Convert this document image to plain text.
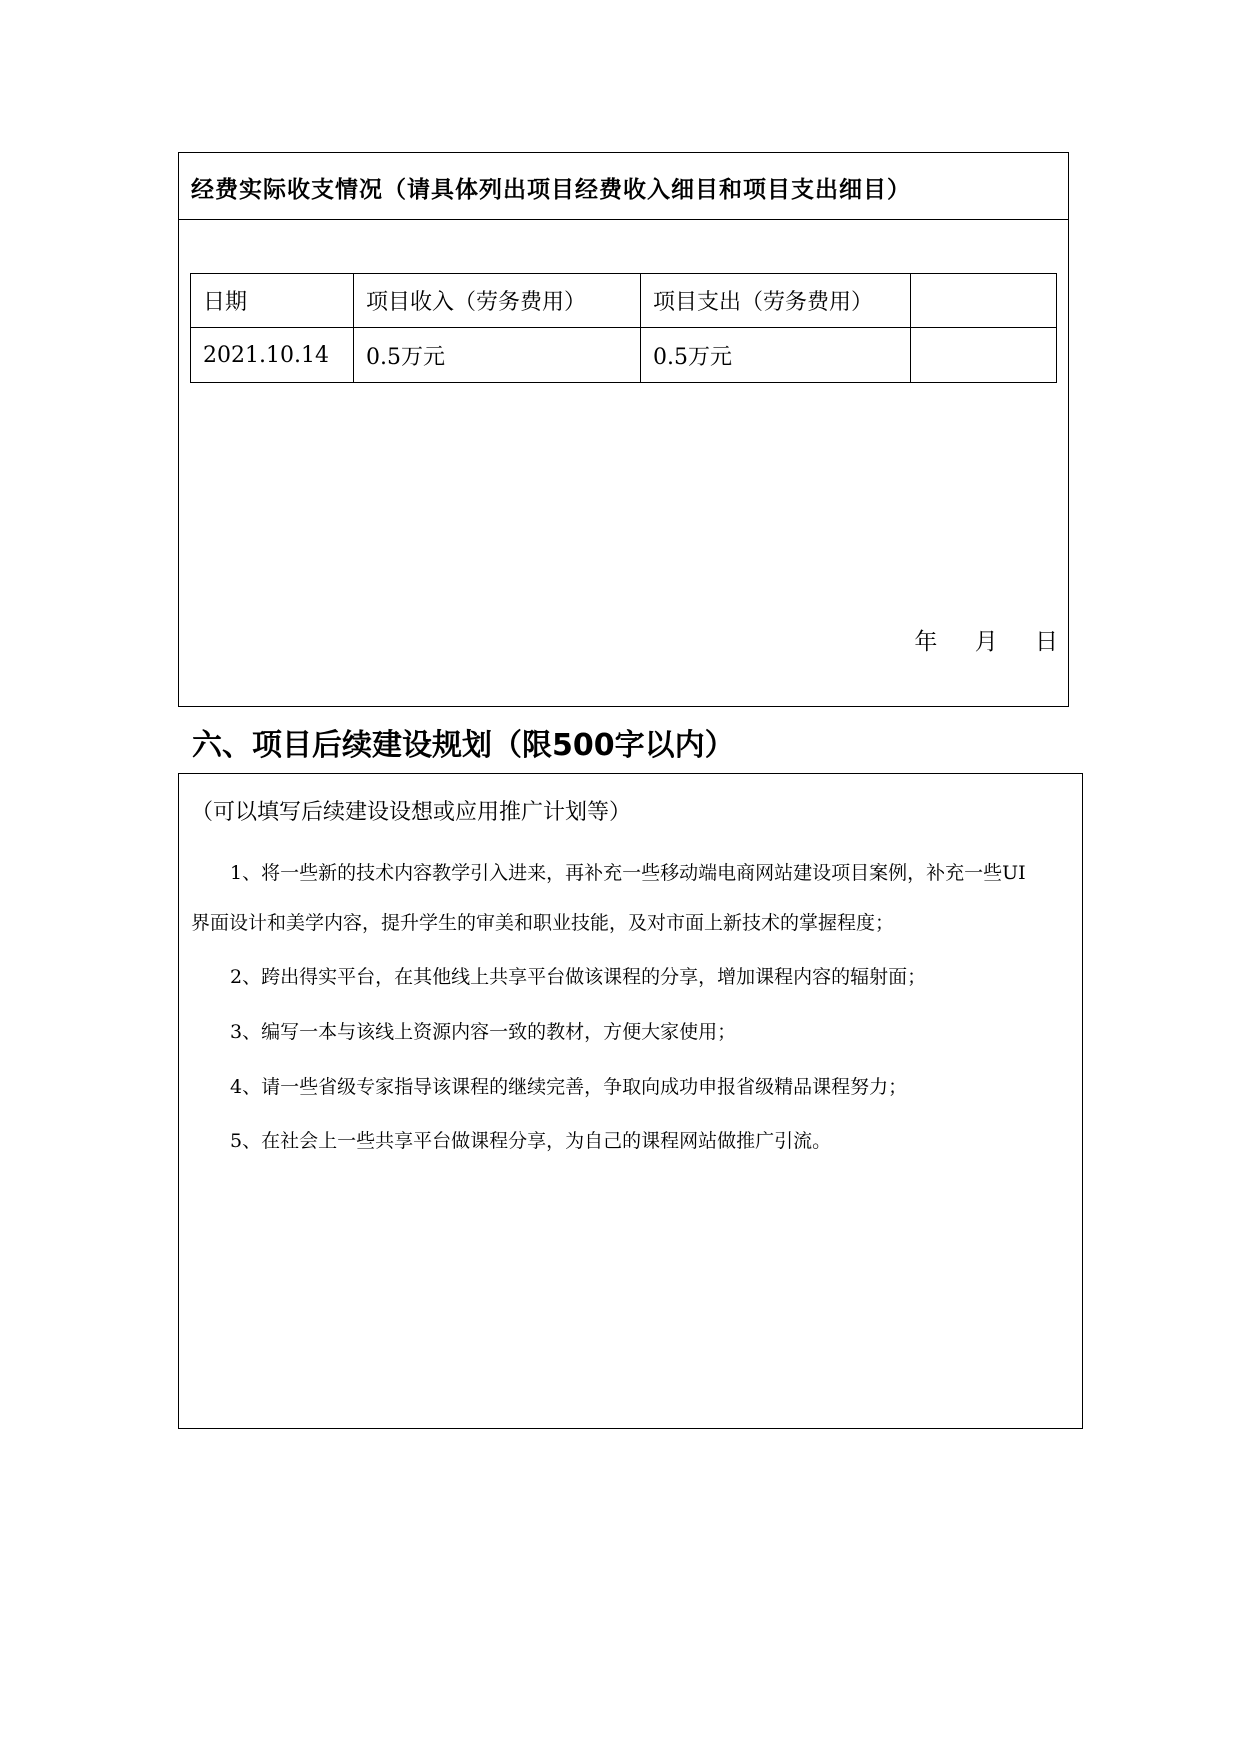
经费实际收支情况（请具体列出项目经费收入细目和项目支出细目）
日期	项目收入（劳务费用）	项目支出（劳务费用）	
2021.10.14	0.5万元	0.5万元	
年 月 日
六、项目后续建设规划（限500字以内）
（可以填写后续建设设想或应用推广计划等）
1、将一些新的技术内容教学引入进来，再补充一些移动端电商网站建设项目案例，补充一些UI
界面设计和美学内容，提升学生的审美和职业技能，及对市面上新技术的掌握程度；
2、跨出得实平台，在其他线上共享平台做该课程的分享，增加课程内容的辐射面；
3、编写一本与该线上资源内容一致的教材，方便大家使用；
4、请一些省级专家指导该课程的继续完善，争取向成功申报省级精品课程努力；
5、在社会上一些共享平台做课程分享，为自己的课程网站做推广引流。
